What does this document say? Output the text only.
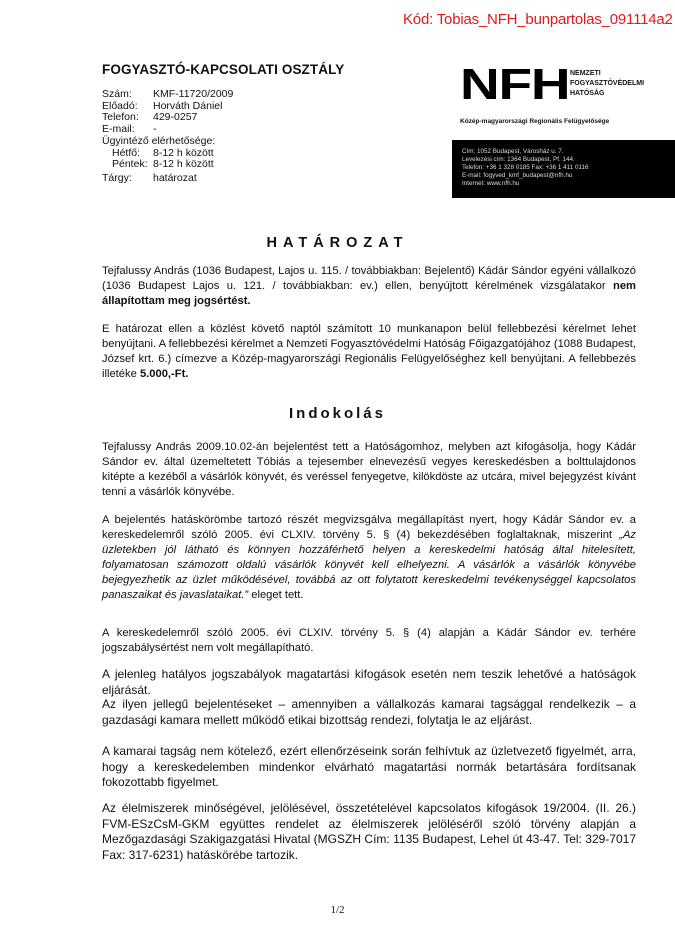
Kód: Tobias_NFH_bunpartolas_091114a2
FOGYASZTÓ-KAPCSOLATI OSZTÁLY
Szám:	KMF-11720/2009
Előadó:	Horváth Dániel
Telefon:	429-0257
E-mail:	-
Ügyintéző elérhetősége:
Hétfő:	8-12 h között
Péntek: 8-12 h között
Tárgy:	határozat
NFH NEMZETI
FOGYASZTÓVÉDELMI
HATÓSÁG
Közép-magyarországi Regionális Felügyelősége
Cím: 1052 Budapest, Városház u. 7.
Levelezési cím: 1364 Budapest, Pf. 144.
Telefon: +36 1 328 0185 Fax: +36 1 411 0116
E-mail: fogyved_kmf_budapest@nfh.hu
Internet: www.nfh.hu
HATÁROZAT
Tejfalussy András (1036 Budapest, Lajos u. 115. / továbbiakban: Bejelentő) Kádár Sándor egyéni vállalkozó (1036 Budapest Lajos u. 121. / továbbiakban: ev.) ellen, benyújtott kérelmének vizsgálatakor nem állapítottam meg jogsértést.
E határozat ellen a közlést követő naptól számított 10 munkanapon belül fellebbezési kérelmet lehet benyújtani. A fellebbezési kérelmet a Nemzeti Fogyasztóvédelmi Hatóság Főigazgatójához (1088 Budapest, József krt. 6.) címezve a Közép-magyarországi Regionális Felügyelőséghez kell benyújtani. A fellebbezés illetéke 5.000,-Ft.
Indokolás
Tejfalussy András 2009.10.02-án bejelentést tett a Hatóságomhoz, melyben azt kifogásolja, hogy Kádár Sándor ev. által üzemeltetett Tóbiás a tejesember elnevezésű vegyes kereskedésben a bolttulajdonos kitépte a kezéből a vásárlók könyvét, és veréssel fenyegetve, kilökdöste az utcára, mivel bejegyzést kívánt tenni a vásárlók könyvébe.
A bejelentés hatáskörömbe tartozó részét megvizsgálva megállapítást nyert, hogy Kádár Sándor ev. a kereskedelemről szóló 2005. évi CLXIV. törvény 5. § (4) bekezdésében foglaltaknak, miszerint „Az üzletekben jól látható és könnyen hozzáférhető helyen a kereskedelmi hatóság által hitelesített, folyamatosan számozott oldalú vásárlók könyvét kell elhelyezni. A vásárlók a vásárlók könyvébe bejegyezhetik az üzlet működésével, továbbá az ott folytatott kereskedelmi tevékenységgel kapcsolatos panaszaikat és javaslataikat.” eleget tett.
A kereskedelemről szóló 2005. évi CLXIV. törvény 5. § (4) alapján a Kádár Sándor ev. terhére jogszabálysértést nem volt megállapítható.
A jelenleg hatályos jogszabályok magatartási kifogások esetén nem teszik lehetővé a hatóságok eljárását.
Az ilyen jellegű bejelentéseket – amennyiben a vállalkozás kamarai tagsággal rendelkezik – a gazdasági kamara mellett működő etikai bizottság rendezi, folytatja le az eljárást.
A kamarai tagság nem kötelező, ezért ellenőrzéseink során felhívtuk az üzletvezető figyelmét, arra, hogy a kereskedelemben mindenkor elvárható magatartási normák betartására fordítsanak fokozottabb figyelmet.
Az élelmiszerek minőségével, jelölésével, összetételével kapcsolatos kifogások 19/2004. (II. 26.) FVM-ESzCsM-GKM együttes rendelet az élelmiszerek jelöléséről szóló törvény alapján a Mezőgazdasági Szakigazgatási Hivatal (MGSZH Cím: 1135 Budapest, Lehel út 43-47. Tel: 329-7017 Fax: 317-6231) hatáskörébe tartozik.
1/2
